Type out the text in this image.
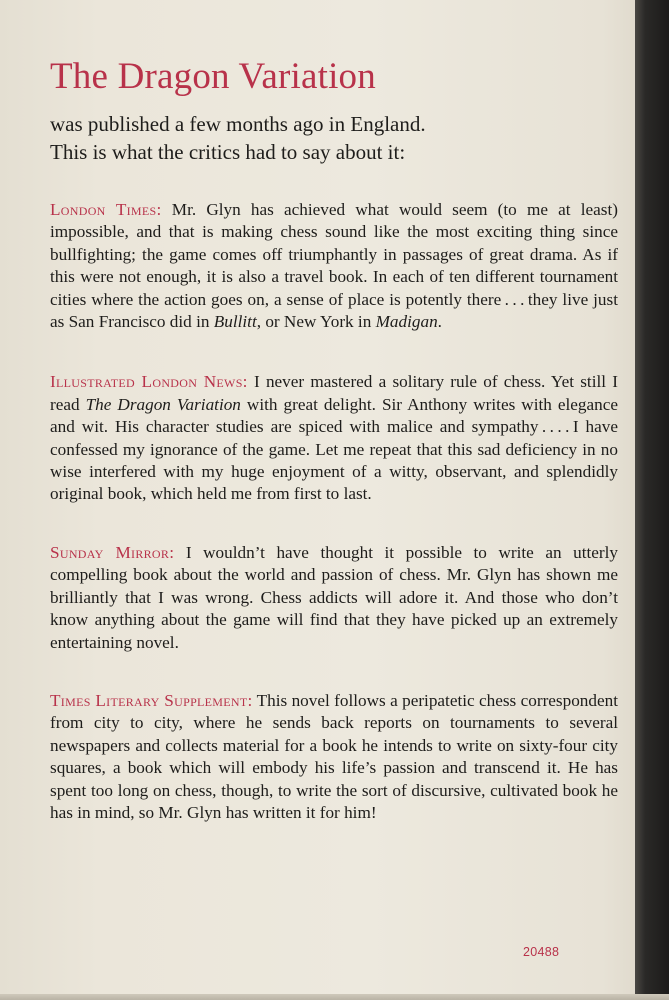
The Dragon Variation

was published a few months ago in England.
This is what the critics had to say about it:

London Times: Mr. Glyn has achieved what would seem (to me at least) impossible, and that is making chess sound like the most exciting thing since bullfighting; the game comes off triumphantly in passages of great drama. As if this were not enough, it is also a travel book. In each of ten different tournament cities where the action goes on, a sense of place is potently there . . . they live just as San Francisco did in Bullitt, or New York in Madigan.

Illustrated London News: I never mastered a solitary rule of chess. Yet still I read The Dragon Variation with great delight. Sir Anthony writes with elegance and wit. His character studies are spiced with malice and sympathy . . . . I have confessed my ignorance of the game. Let me repeat that this sad deficiency in no wise interfered with my huge enjoyment of a witty, observant, and splendidly original book, which held me from first to last.

Sunday Mirror: I wouldn’t have thought it possible to write an utterly compelling book about the world and passion of chess. Mr. Glyn has shown me brilliantly that I was wrong. Chess addicts will adore it. And those who don’t know anything about the game will find that they have picked up an extremely entertaining novel.

Times Literary Supplement: This novel follows a peripatetic chess correspondent from city to city, where he sends back reports on tournaments to several newspapers and collects material for a book he intends to write on sixty-four city squares, a book which will embody his life’s passion and transcend it. He has spent too long on chess, though, to write the sort of discursive, cultivated book he has in mind, so Mr. Glyn has written it for him!

20488
